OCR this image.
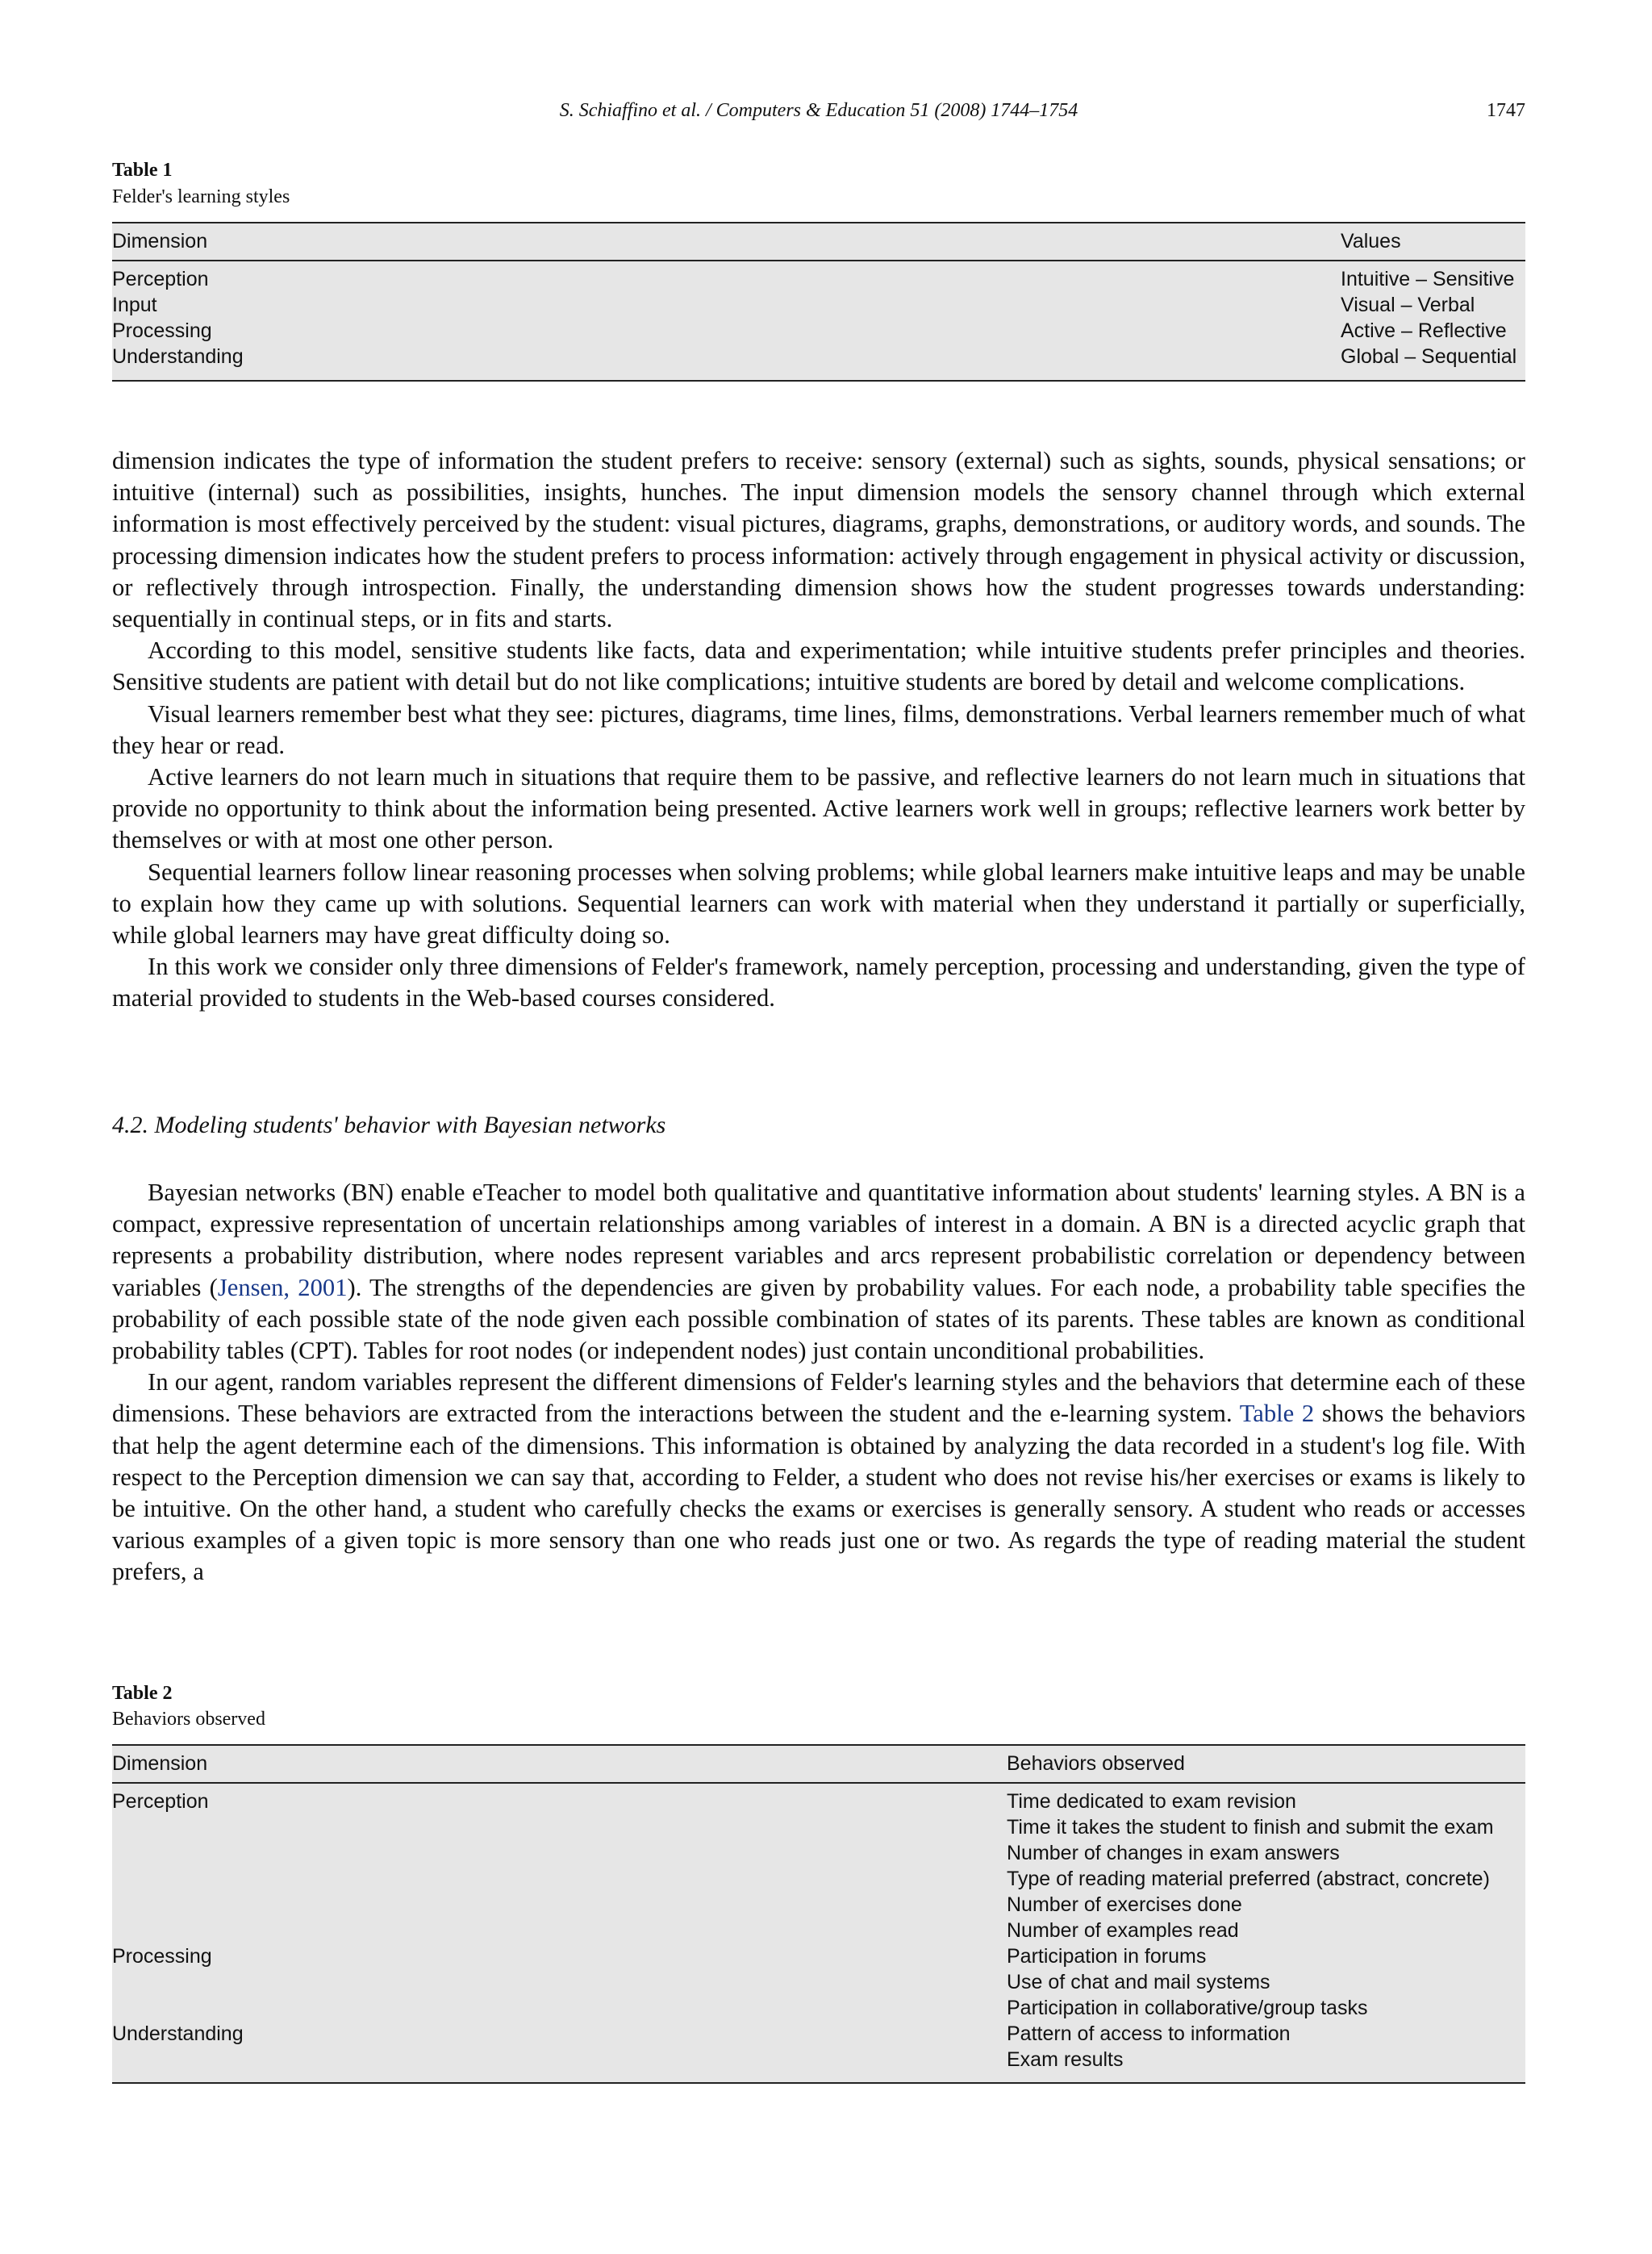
S. Schiaffino et al. / Computers & Education 51 (2008) 1744–1754	1747
Table 1
Felder's learning styles
Dimension	Values
Perception	Intuitive – Sensitive
Input	Visual – Verbal
Processing	Active – Reflective
Understanding	Global – Sequential

dimension indicates the type of information the student prefers to receive: sensory (external) such as sights, sounds, physical sensations; or intuitive (internal) such as possibilities, insights, hunches. The input dimension models the sensory channel through which external information is most effectively perceived by the student: visual pictures, diagrams, graphs, demonstrations, or auditory words, and sounds. The processing dimension indicates how the student prefers to process information: actively through engagement in physical activity or discussion, or reflectively through introspection. Finally, the understanding dimension shows how the student progresses towards understanding: sequentially in continual steps, or in fits and starts.

According to this model, sensitive students like facts, data and experimentation; while intuitive students prefer principles and theories. Sensitive students are patient with detail but do not like complications; intuitive students are bored by detail and welcome complications.

Visual learners remember best what they see: pictures, diagrams, time lines, films, demonstrations. Verbal learners remember much of what they hear or read.

Active learners do not learn much in situations that require them to be passive, and reflective learners do not learn much in situations that provide no opportunity to think about the information being presented. Active learners work well in groups; reflective learners work better by themselves or with at most one other person.

Sequential learners follow linear reasoning processes when solving problems; while global learners make intuitive leaps and may be unable to explain how they came up with solutions. Sequential learners can work with material when they understand it partially or superficially, while global learners may have great difficulty doing so.

In this work we consider only three dimensions of Felder's framework, namely perception, processing and understanding, given the type of material provided to students in the Web-based courses considered.

4.2. Modeling students' behavior with Bayesian networks

Bayesian networks (BN) enable eTeacher to model both qualitative and quantitative information about students' learning styles. A BN is a compact, expressive representation of uncertain relationships among variables of interest in a domain. A BN is a directed acyclic graph that represents a probability distribution, where nodes represent variables and arcs represent probabilistic correlation or dependency between variables (Jensen, 2001). The strengths of the dependencies are given by probability values. For each node, a probability table specifies the probability of each possible state of the node given each possible combination of states of its parents. These tables are known as conditional probability tables (CPT). Tables for root nodes (or independent nodes) just contain unconditional probabilities.

In our agent, random variables represent the different dimensions of Felder's learning styles and the behaviors that determine each of these dimensions. These behaviors are extracted from the interactions between the student and the e-learning system. Table 2 shows the behaviors that help the agent determine each of the dimensions. This information is obtained by analyzing the data recorded in a student's log file. With respect to the Perception dimension we can say that, according to Felder, a student who does not revise his/her exercises or exams is likely to be intuitive. On the other hand, a student who carefully checks the exams or exercises is generally sensory. A student who reads or accesses various examples of a given topic is more sensory than one who reads just one or two. As regards the type of reading material the student prefers, a

Table 2
Behaviors observed
Dimension	Behaviors observed
Perception	Time dedicated to exam revision
Time it takes the student to finish and submit the exam
Number of changes in exam answers
Type of reading material preferred (abstract, concrete)
Number of exercises done
Number of examples read
Processing	Participation in forums
Use of chat and mail systems
Participation in collaborative/group tasks
Understanding	Pattern of access to information
Exam results
